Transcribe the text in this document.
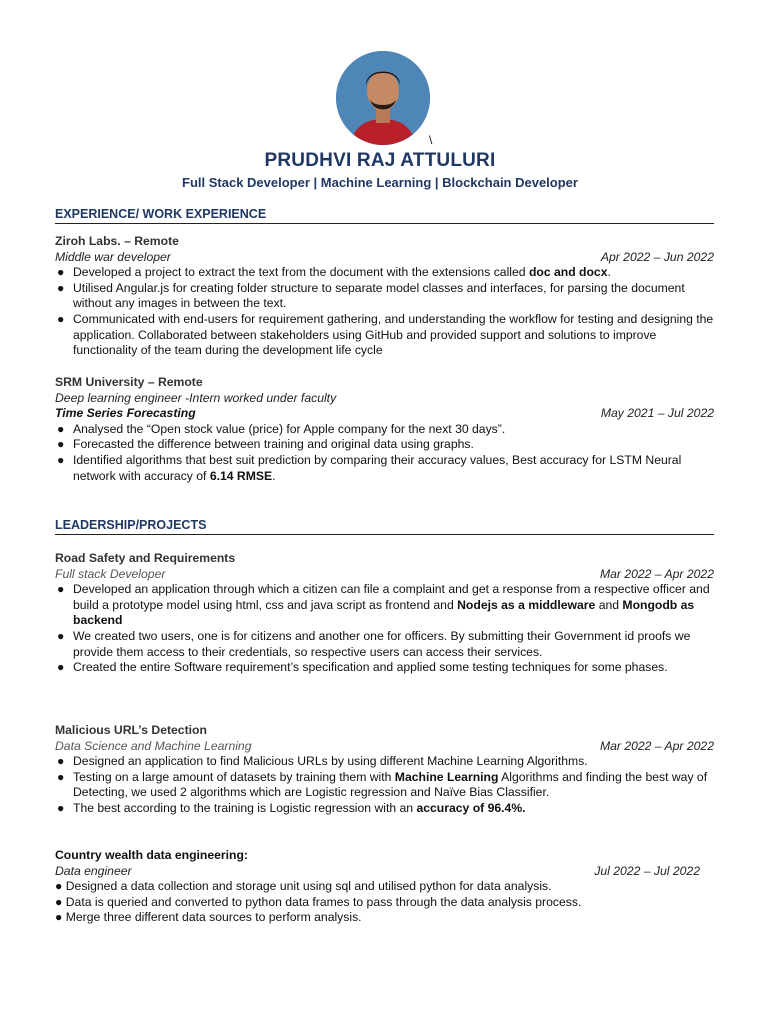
\
PRUDHVI RAJ ATTULURI
Full Stack Developer | Machine Learning | Blockchain Developer
EXPERIENCE/ WORK EXPERIENCE
Ziroh Labs. – Remote
Middle war developer	Apr 2022 – Jun 2022
● Developed a project to extract the text from the document with the extensions called doc and docx.
● Utilised Angular.js for creating folder structure to separate model classes and interfaces, for parsing the document without any images in between the text.
● Communicated with end-users for requirement gathering, and understanding the workflow for testing and designing the application. Collaborated between stakeholders using GitHub and provided support and solutions to improve functionality of the team during the development life cycle
SRM University – Remote
Deep learning engineer -Intern worked under faculty
Time Series Forecasting	May 2021 – Jul 2022
● Analysed the “Open stock value (price) for Apple company for the next 30 days”.
● Forecasted the difference between training and original data using graphs.
● Identified algorithms that best suit prediction by comparing their accuracy values, Best accuracy for LSTM Neural network with accuracy of 6.14 RMSE.
LEADERSHIP/PROJECTS
Road Safety and Requirements
Full stack Developer	Mar 2022 – Apr 2022
● Developed an application through which a citizen can file a complaint and get a response from a respective officer and build a prototype model using html, css and java script as frontend and Nodejs as a middleware and Mongodb as backend
● We created two users, one is for citizens and another one for officers. By submitting their Government id proofs we provide them access to their credentials, so respective users can access their services.
● Created the entire Software requirement’s specification and applied some testing techniques for some phases.
Malicious URL’s Detection
Data Science and Machine Learning	Mar 2022 – Apr 2022
● Designed an application to find Malicious URLs by using different Machine Learning Algorithms.
● Testing on a large amount of datasets by training them with Machine Learning Algorithms and finding the best way of Detecting, we used 2 algorithms which are Logistic regression and Naïve Bias Classifier.
● The best according to the training is Logistic regression with an accuracy of 96.4%.
Country wealth data engineering:
Data engineer	Jul 2022 – Jul 2022
● Designed a data collection and storage unit using sql and utilised python for data analysis.
● Data is queried and converted to python data frames to pass through the data analysis process.
● Merge three different data sources to perform analysis.
